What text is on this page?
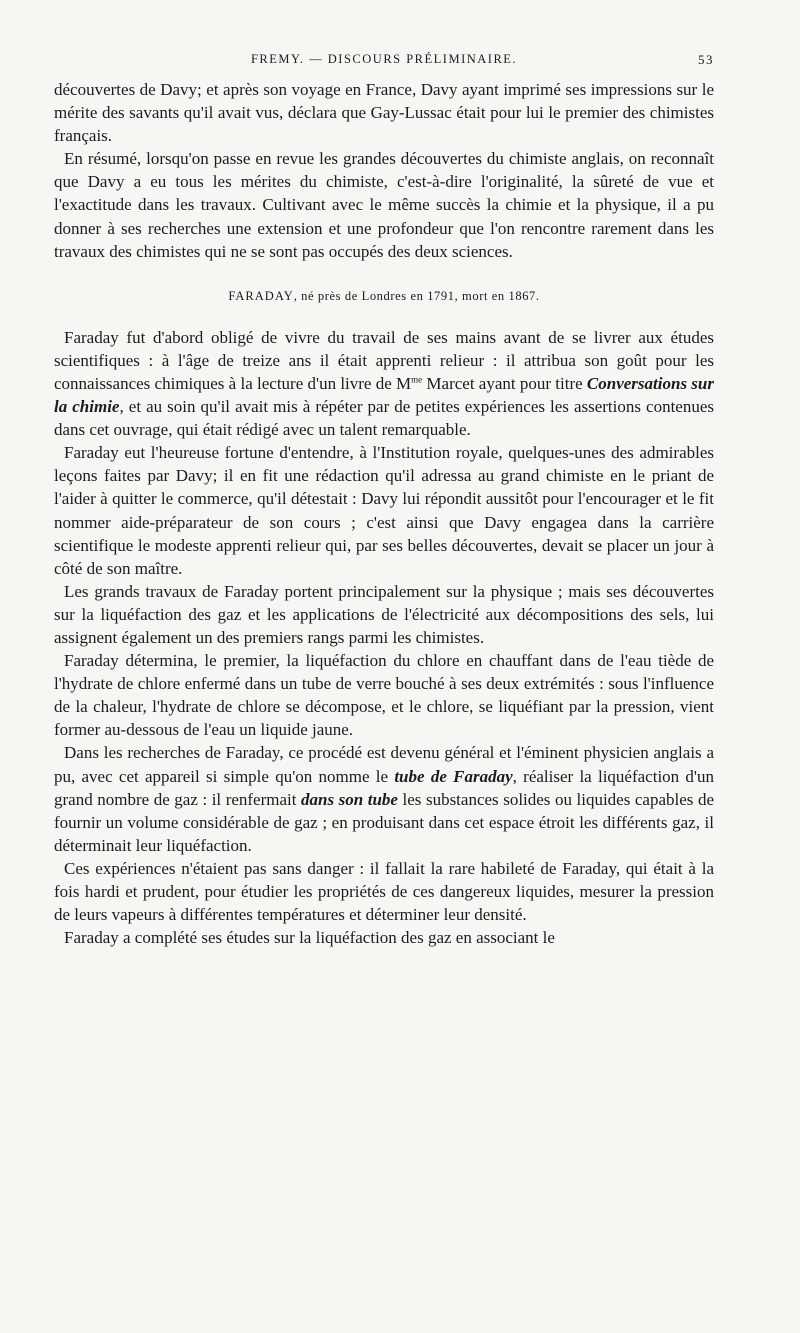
FREMY. — DISCOURS PRÉLIMINAIRE.	53

découvertes de Davy; et après son voyage en France, Davy ayant imprimé ses impressions sur le mérite des savants qu'il avait vus, déclara que Gay-Lussac était pour lui le premier des chimistes français.

En résumé, lorsqu'on passe en revue les grandes découvertes du chimiste anglais, on reconnaît que Davy a eu tous les mérites du chimiste, c'est-à-dire l'originalité, la sûreté de vue et l'exactitude dans les travaux. Cultivant avec le même succès la chimie et la physique, il a pu donner à ses recherches une extension et une profondeur que l'on rencontre rarement dans les travaux des chimistes qui ne se sont pas occupés des deux sciences.

FARADAY, né près de Londres en 1791, mort en 1867.

Faraday fut d'abord obligé de vivre du travail de ses mains avant de se livrer aux études scientifiques : à l'âge de treize ans il était apprenti relieur : il attribua son goût pour les connaissances chimiques à la lecture d'un livre de $M^{me}$ Marcet ayant pour titre Conversations sur la chimie, et au soin qu'il avait mis à répéter par de petites expériences les assertions contenues dans cet ouvrage, qui était rédigé avec un talent remarquable.

Faraday eut l'heureuse fortune d'entendre, à l'Institution royale, quelques-unes des admirables leçons faites par Davy; il en fit une rédaction qu'il adressa au grand chimiste en le priant de l'aider à quitter le commerce, qu'il détestait : Davy lui répondit aussitôt pour l'encourager et le fit nommer aide-préparateur de son cours ; c'est ainsi que Davy engagea dans la carrière scientifique le modeste apprenti relieur qui, par ses belles découvertes, devait se placer un jour à côté de son maître.

Les grands travaux de Faraday portent principalement sur la physique ; mais ses découvertes sur la liquéfaction des gaz et les applications de l'électricité aux décompositions des sels, lui assignent également un des premiers rangs parmi les chimistes.

Faraday détermina, le premier, la liquéfaction du chlore en chauffant dans de l'eau tiède de l'hydrate de chlore enfermé dans un tube de verre bouché à ses deux extrémités : sous l'influence de la chaleur, l'hydrate de chlore se décompose, et le chlore, se liquéfiant par la pression, vient former au-dessous de l'eau un liquide jaune.

Dans les recherches de Faraday, ce procédé est devenu général et l'éminent physicien anglais a pu, avec cet appareil si simple qu'on nomme le tube de Faraday, réaliser la liquéfaction d'un grand nombre de gaz : il renfermait dans son tube les substances solides ou liquides capables de fournir un volume considérable de gaz ; en produisant dans cet espace étroit les différents gaz, il déterminait leur liquéfaction.

Ces expériences n'étaient pas sans danger : il fallait la rare habileté de Faraday, qui était à la fois hardi et prudent, pour étudier les propriétés de ces dangereux liquides, mesurer la pression de leurs vapeurs à différentes températures et déterminer leur densité.

Faraday a complété ses études sur la liquéfaction des gaz en associant le
